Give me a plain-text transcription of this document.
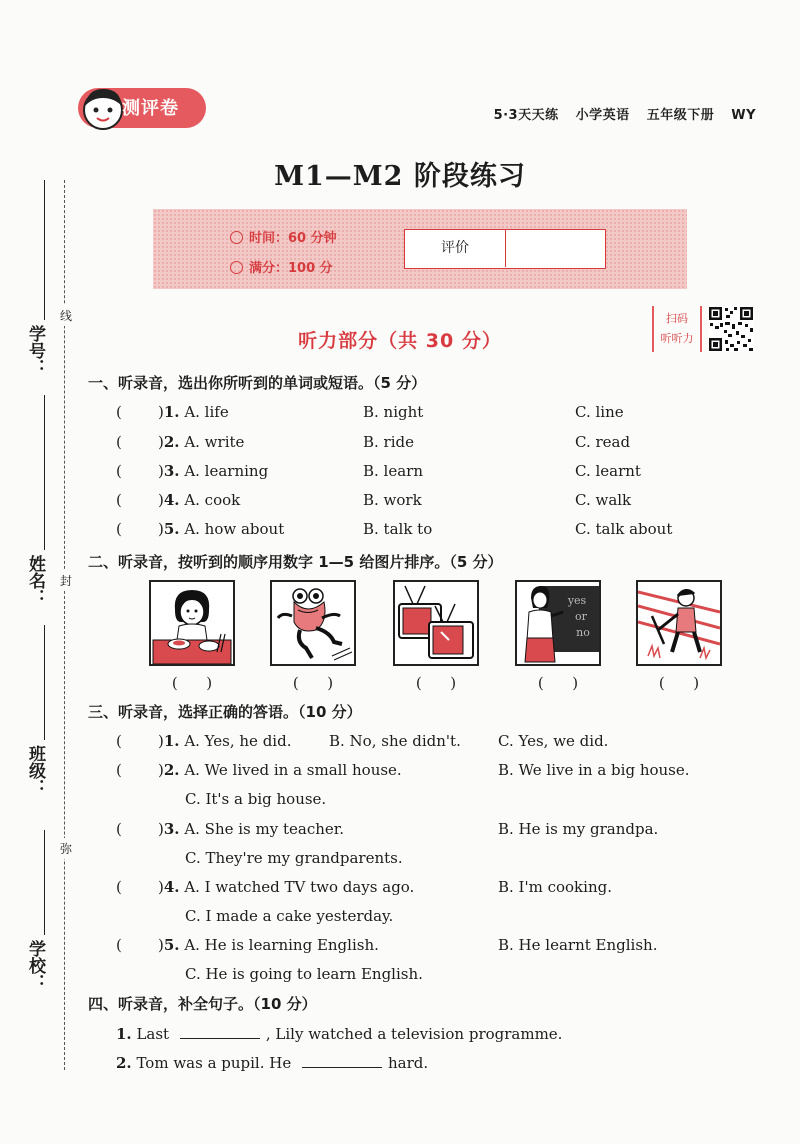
学号：
姓名：
班级：
学校：
线
封
弥
测评卷	5·3天天练 小学英语 五年级下册 WY
M1—M2 阶段练习
时间：60 分钟
满分：100 分
评价
听力部分（共 30 分）
扫码
听听力
一、听录音，选出你所听到的单词或短语。（5 分）
( )1. A. life	B. night	C. line
( )2. A. write	B. ride	C. read
( )3. A. learning	B. learn	C. learnt
( )4. A. cook	B. work	C. walk
( )5. A. how about	B. talk to	C. talk about
二、听录音，按听到的顺序用数字 1—5 给图片排序。（5 分）
yes
or
no
(      )	(      )	(      )	(      )	(      )
三、听录音，选择正确的答语。（10 分）
( )1. A. Yes, he did.	B. No, she didn't. C. Yes, we did.
( )2. A. We lived in a small house.	B. We live in a big house.
C. It's a big house.
( )3. A. She is my teacher.	B. He is my grandpa.
C. They're my grandparents.
( )4. A. I watched TV two days ago.	B. I'm cooking.
C. I made a cake yesterday.
( )5. A. He is learning English.	B. He learnt English.
C. He is going to learn English.
四、听录音，补全句子。（10 分）
1. Last	, Lily watched a television programme.
2. Tom was a pupil. He	hard.
